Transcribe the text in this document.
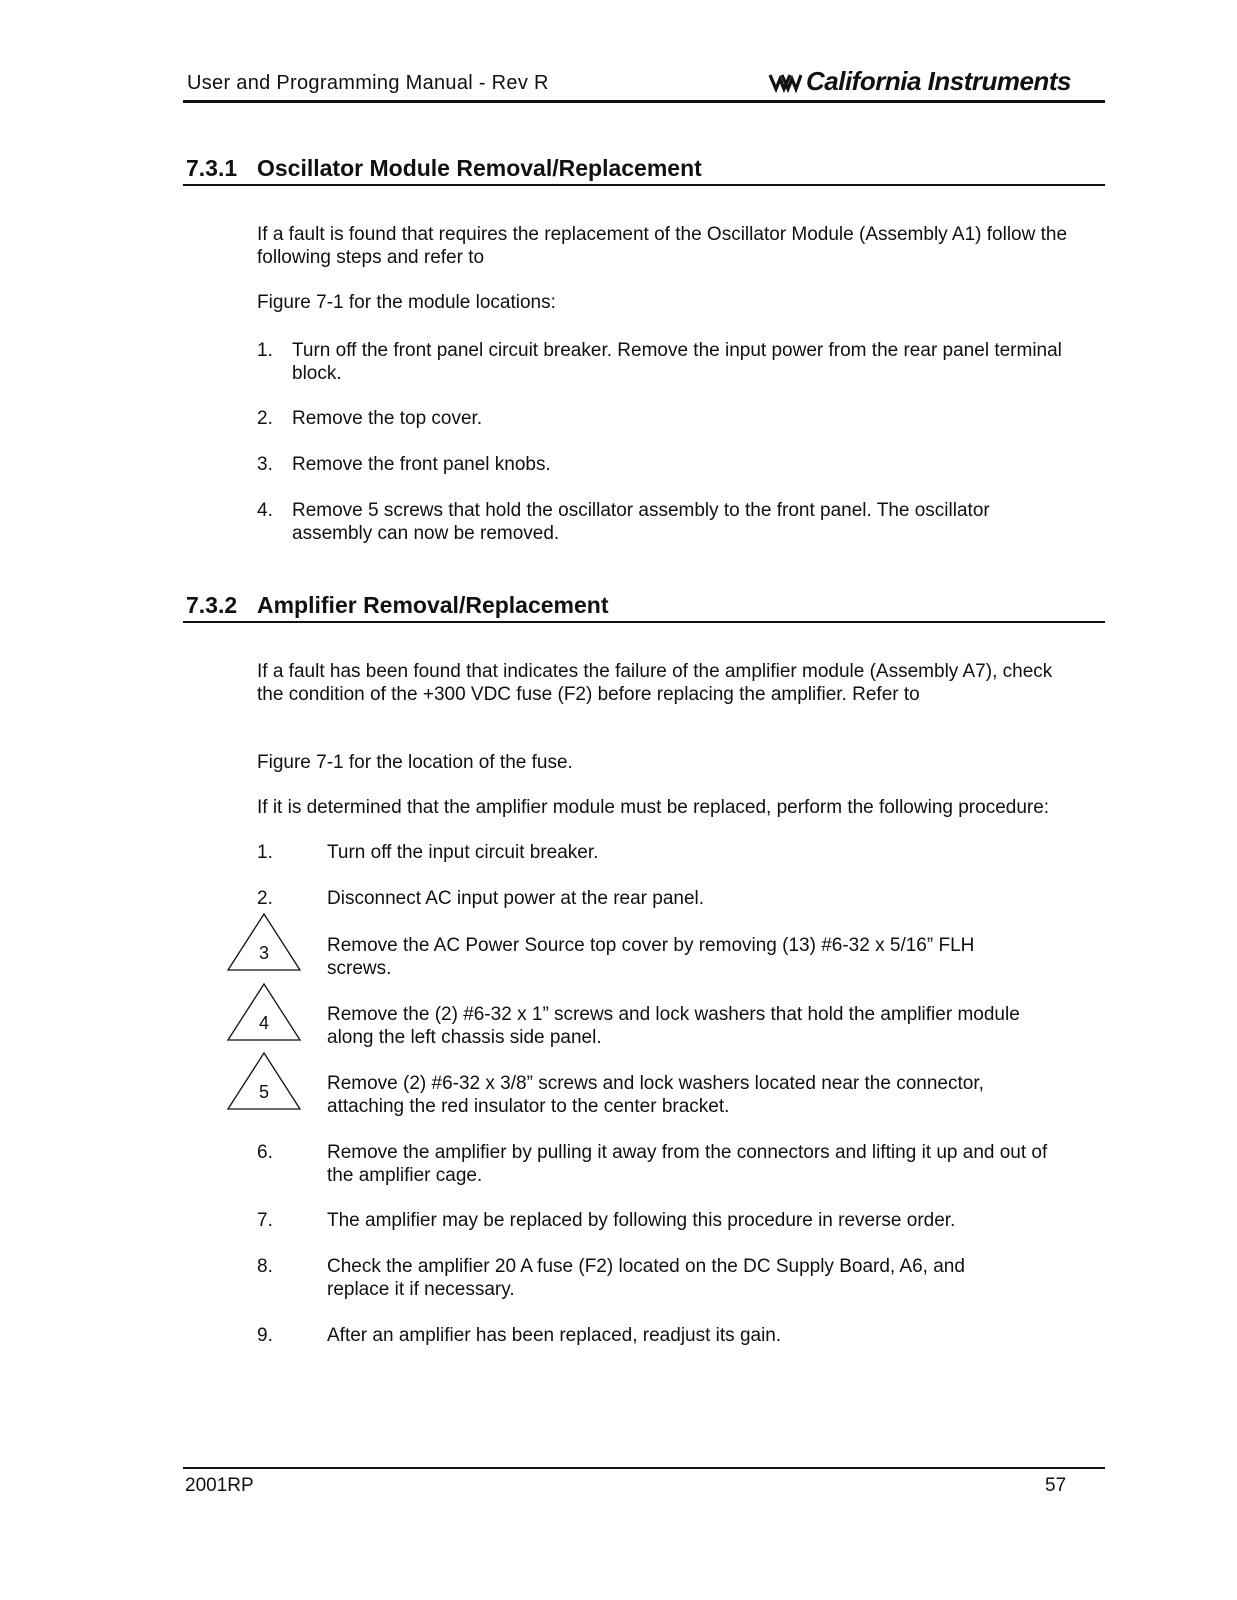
User and Programming Manual - Rev R	California Instruments
7.3.1 Oscillator Module Removal/Replacement
If a fault is found that requires the replacement of the Oscillator Module (Assembly A1) follow the
following steps and refer to
Figure 7-1 for the module locations:
1. Turn off the front panel circuit breaker. Remove the input power from the rear panel terminal
block.
2. Remove the top cover.
3. Remove the front panel knobs.
4. Remove 5 screws that hold the oscillator assembly to the front panel. The oscillator
assembly can now be removed.
7.3.2 Amplifier Removal/Replacement
If a fault has been found that indicates the failure of the amplifier module (Assembly A7), check
the condition of the +300 VDC fuse (F2) before replacing the amplifier. Refer to
Figure 7-1 for the location of the fuse.
If it is determined that the amplifier module must be replaced, perform the following procedure:
1.	Turn off the input circuit breaker.
2.	Disconnect AC input power at the rear panel.
3	Remove the AC Power Source top cover by removing (13) #6-32 x 5/16” FLH
screws.
4	Remove the (2) #6-32 x 1” screws and lock washers that hold the amplifier module
along the left chassis side panel.
5	Remove (2) #6-32 x 3/8” screws and lock washers located near the connector,
attaching the red insulator to the center bracket.
6.	Remove the amplifier by pulling it away from the connectors and lifting it up and out of
the amplifier cage.
7.	The amplifier may be replaced by following this procedure in reverse order.
8.	Check the amplifier 20 A fuse (F2) located on the DC Supply Board, A6, and
replace it if necessary.
9.	After an amplifier has been replaced, readjust its gain.
2001RP	57
